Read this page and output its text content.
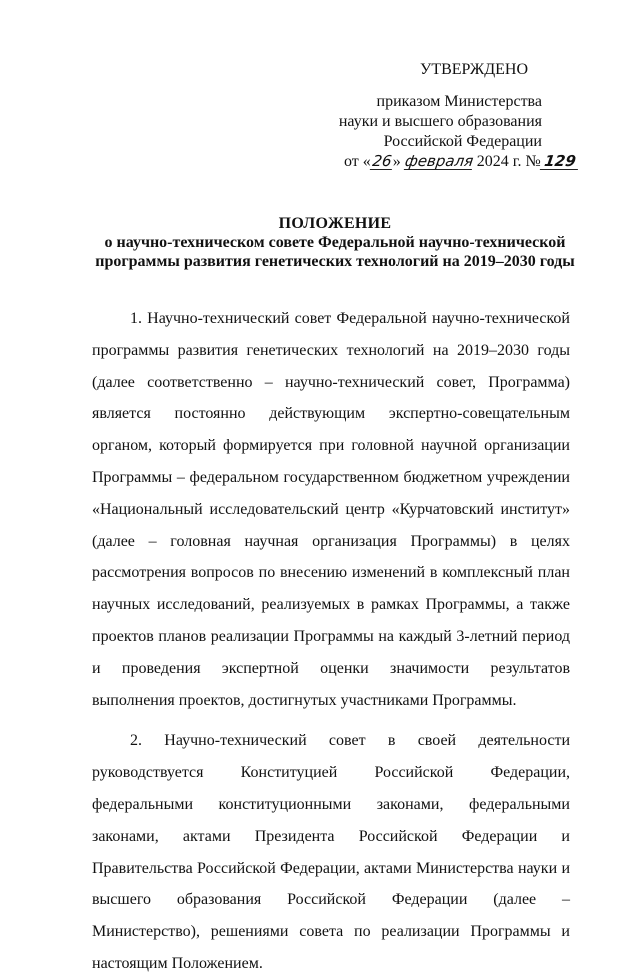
УТВЕРЖДЕНО
приказом Министерства
науки и высшего образования
Российской Федерации
от «26» февраля 2024 г. № 129
ПОЛОЖЕНИЕ
о научно-техническом совете Федеральной научно-технической
программы развития генетических технологий на 2019–2030 годы

1. Научно-технический совет Федеральной научно-технической программы развития генетических технологий на 2019–2030 годы (далее соответственно – научно-технический совет, Программа) является постоянно действующим экспертно-совещательным органом, который формируется при головной научной организации Программы – федеральном государственном бюджетном учреждении «Национальный исследовательский центр «Курчатовский институт» (далее – головная научная организация Программы) в целях рассмотрения вопросов по внесению изменений в комплексный план научных исследований, реализуемых в рамках Программы, а также проектов планов реализации Программы на каждый 3-летний период и проведения экспертной оценки значимости результатов выполнения проектов, достигнутых участниками Программы.

2. Научно-технический совет в своей деятельности руководствуется Конституцией Российской Федерации, федеральными конституционными законами, федеральными законами, актами Президента Российской Федерации и Правительства Российской Федерации, актами Министерства науки и высшего образования Российской Федерации (далее – Министерство), решениями совета по реализации Программы и настоящим Положением.
